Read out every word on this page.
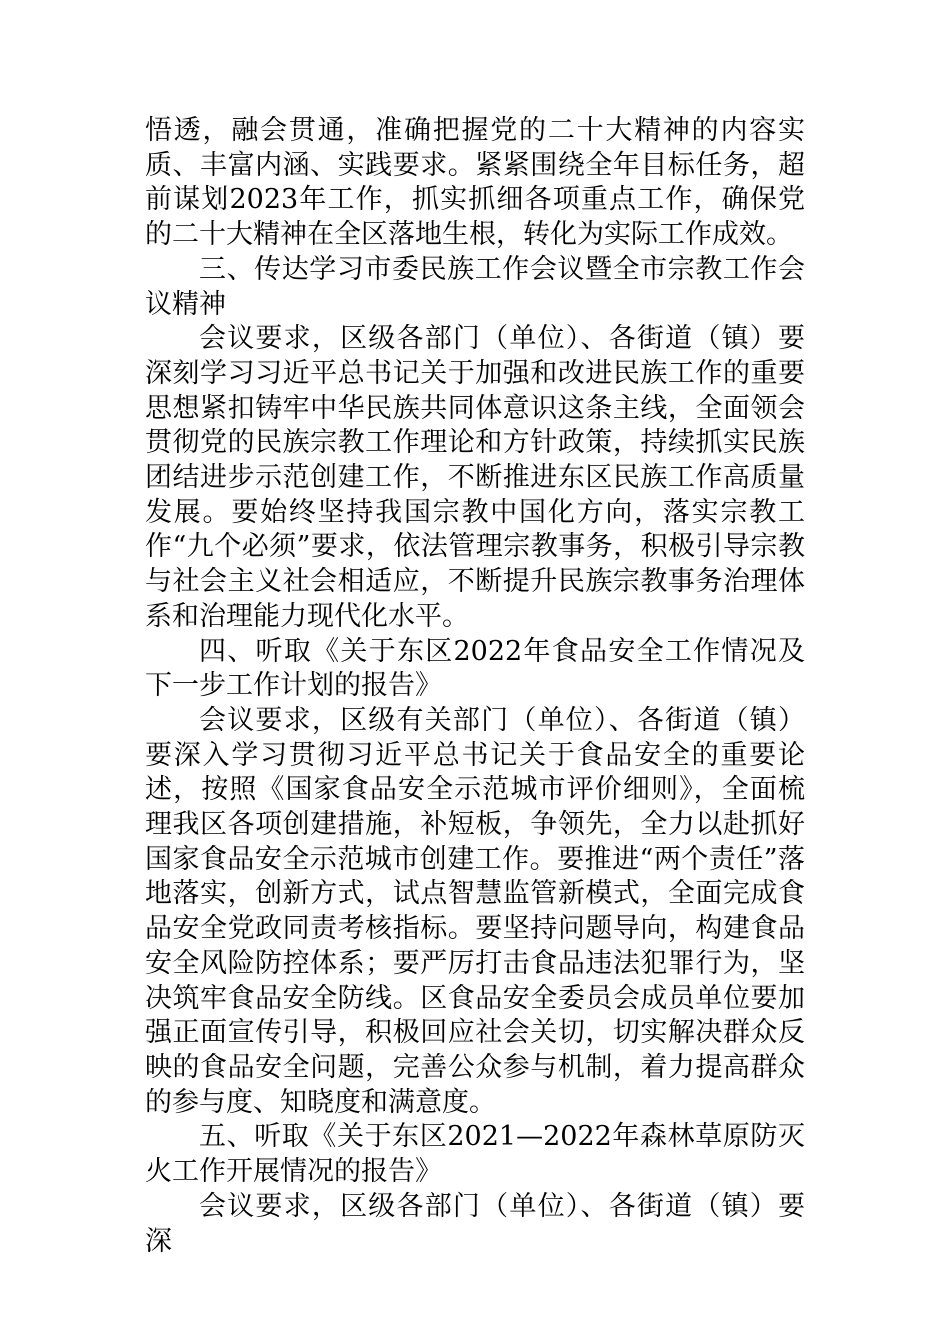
悟透，融会贯通，准确把握党的二十大精神的内容实质、丰富内涵、实践要求。紧紧围绕全年目标任务，超前谋划2023年工作，抓实抓细各项重点工作，确保党的二十大精神在全区落地生根，转化为实际工作成效。

三、传达学习市委民族工作会议暨全市宗教工作会议精神

会议要求，区级各部门（单位）、各街道（镇）要深刻学习习近平总书记关于加强和改进民族工作的重要思想紧扣铸牢中华民族共同体意识这条主线，全面领会贯彻党的民族宗教工作理论和方针政策，持续抓实民族团结进步示范创建工作，不断推进东区民族工作高质量发展。要始终坚持我国宗教中国化方向，落实宗教工作“九个必须”要求，依法管理宗教事务，积极引导宗教与社会主义社会相适应，不断提升民族宗教事务治理体系和治理能力现代化水平。

四、听取《关于东区2022年食品安全工作情况及下一步工作计划的报告》

会议要求，区级有关部门（单位）、各街道（镇）要深入学习贯彻习近平总书记关于食品安全的重要论述，按照《国家食品安全示范城市评价细则》，全面梳理我区各项创建措施，补短板，争领先，全力以赴抓好国家食品安全示范城市创建工作。要推进“两个责任”落地落实，创新方式，试点智慧监管新模式，全面完成食品安全党政同责考核指标。要坚持问题导向，构建食品安全风险防控体系；要严厉打击食品违法犯罪行为，坚决筑牢食品安全防线。区食品安全委员会成员单位要加强正面宣传引导，积极回应社会关切，切实解决群众反映的食品安全问题，完善公众参与机制，着力提高群众的参与度、知晓度和满意度。

五、听取《关于东区2021—2022年森林草原防灭火工作开展情况的报告》

会议要求，区级各部门（单位）、各街道（镇）要深
